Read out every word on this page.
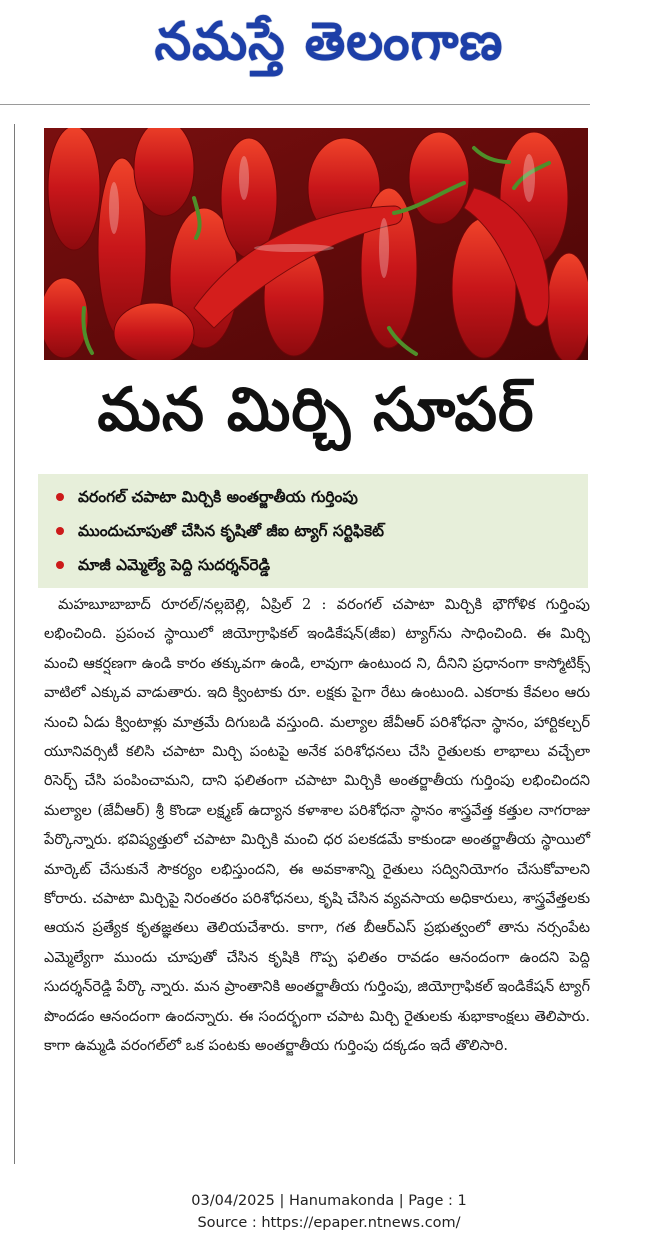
నమస్తే తెలంగాణ
మన మిర్చి సూపర్
వరంగల్ చపాటా మిర్చికి అంతర్జాతీయ గుర్తింపు
ముందుచూపుతో చేసిన కృషితో జీఐ ట్యాగ్ సర్టిఫికెట్
మాజీ ఎమ్మెల్యే పెద్ది సుదర్శన్‌రెడ్డి

మహబూబాబాద్ రూరల్/నల్లబెల్లి, ఏప్రిల్ 2 : వరంగల్ చపాటా మిర్చికి భౌగోళిక గుర్తింపు లభించింది. ప్రపంచ స్థాయిలో జియోగ్రాఫికల్ ఇండికేషన్(జీఐ) ట్యాగ్‌ను సాధించింది. ఈ మిర్చి మంచి ఆకర్షణగా ఉండి కారం తక్కువగా ఉండి, లావుగా ఉంటుంద ని, దీనిని ప్రధానంగా కాస్మోటిక్స్ వాటిలో ఎక్కువ వాడుతారు. ఇది క్వింటాకు రూ. లక్షకు పైగా రేటు ఉంటుంది. ఎకరాకు కేవలం ఆరు నుంచి ఏడు క్వింటాళ్లు మాత్రమే దిగుబడి వస్తుంది. మల్యాల జేవీఆర్ పరిశోధనా స్థానం, హార్టికల్చర్ యూనివర్సిటీ కలిసి చపాటా మిర్చి పంటపై అనేక పరిశోధనలు చేసి రైతులకు లాభాలు వచ్చేలా రిసెర్చ్ చేసి పంపించామని, దాని ఫలితంగా చపాటా మిర్చికి అంతర్జాతీయ గుర్తింపు లభించిందని మల్యాల (జేవీఆర్) శ్రీ కొండా లక్ష్మణ్ ఉద్యాన కళాశాల పరిశోధనా స్థానం శాస్త్రవేత్త కత్తుల నాగరాజు పేర్కొన్నారు. భవిష్యత్తులో చపాటా మిర్చికి మంచి ధర పలకడమే కాకుండా అంతర్జాతీయ స్థాయిలో మార్కెట్ చేసుకునే సౌకర్యం లభిస్తుందని, ఈ అవకాశాన్ని రైతులు సద్వినియోగం చేసుకోవాలని కోరారు. చపాటా మిర్చిపై నిరంతరం పరిశోధనలు, కృషి చేసిన వ్యవసాయ అధికారులు, శాస్త్రవేత్తలకు ఆయన ప్రత్యేక కృతజ్ఞతలు తెలియచేశారు. కాగా, గత బీఆర్‌ఎస్ ప్రభుత్వంలో తాను నర్సంపేట ఎమ్మెల్యేగా ముందు చూపుతో చేసిన కృషికి గొప్ప ఫలితం రావడం ఆనందంగా ఉందని పెద్ది సుదర్శన్‌రెడ్డి పేర్కొ న్నారు. మన ప్రాంతానికి అంతర్జాతీయ గుర్తింపు, జియోగ్రాఫికల్ ఇండికేషన్ ట్యాగ్ పొందడం ఆనందంగా ఉందన్నారు. ఈ సందర్భంగా చపాట మిర్చి రైతులకు శుభాకాంక్షలు తెలిపారు. కాగా ఉమ్మడి వరంగల్‌లో ఒక పంటకు అంతర్జాతీయ గుర్తింపు దక్కడం ఇదే తొలిసారి.

03/04/2025 | Hanumakonda | Page : 1
Source : https://epaper.ntnews.com/
